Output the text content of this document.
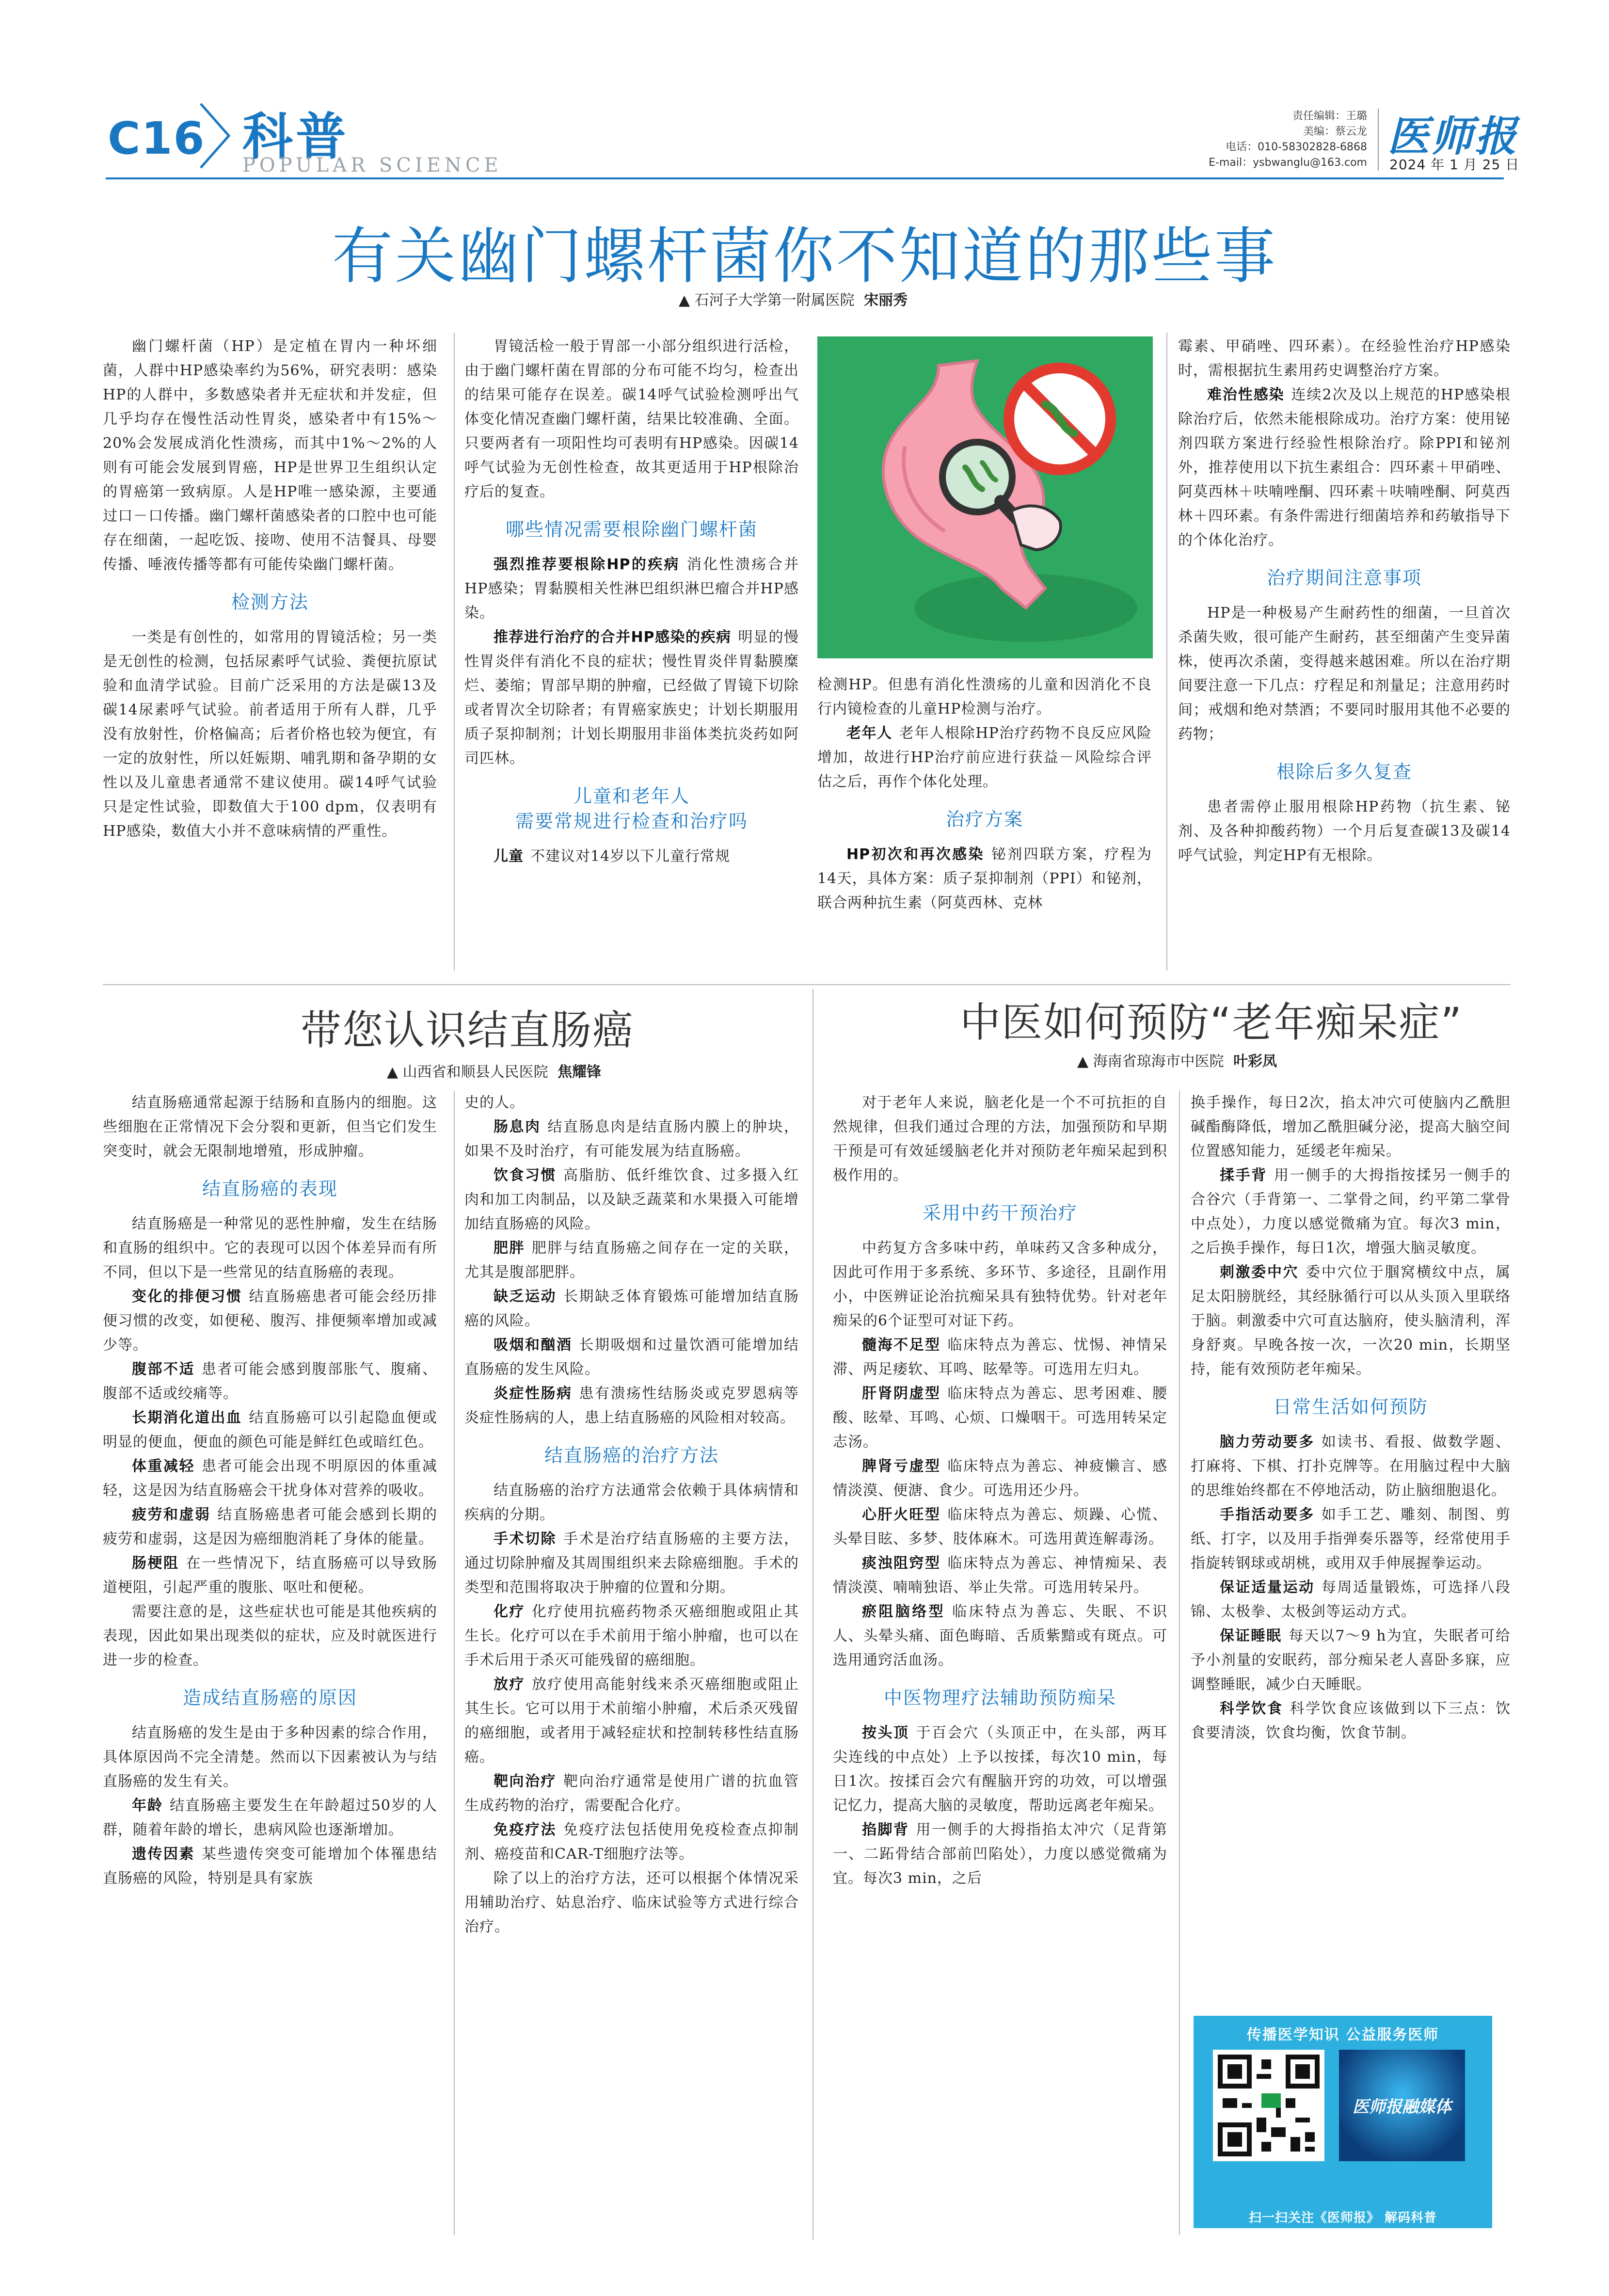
C16 科普
POPULAR SCIENCE
责任编辑：王璐
美编：蔡云龙
电话：010-58302828-6868
E-mail：ysbwanglu@163.com
医师报
2024 年 1 月 25 日
有关幽门螺杆菌你不知道的那些事
▲ 石河子大学第一附属医院 宋丽秀

幽门螺杆菌（HP）是定植在胃内一种坏细菌，人群中HP感染率约为56%，研究表明：感染HP的人群中，多数感染者并无症状和并发症，但几乎均存在慢性活动性胃炎，感染者中有15%～20%会发展成消化性溃疡，而其中1%～2%的人则有可能会发展到胃癌，HP是世界卫生组织认定的胃癌第一致病原。人是HP唯一感染源，主要通过口－口传播。幽门螺杆菌感染者的口腔中也可能存在细菌，一起吃饭、接吻、使用不洁餐具、母婴传播、唾液传播等都有可能传染幽门螺杆菌。

检测方法

一类是有创性的，如常用的胃镜活检；另一类是无创性的检测，包括尿素呼气试验、粪便抗原试验和血清学试验。目前广泛采用的方法是碳13及碳14尿素呼气试验。前者适用于所有人群，几乎没有放射性，价格偏高；后者价格也较为便宜，有一定的放射性，所以妊娠期、哺乳期和备孕期的女性以及儿童患者通常不建议使用。碳14呼气试验只是定性试验，即数值大于100 dpm，仅表明有HP感染，数值大小并不意味病情的严重性。

胃镜活检一般于胃部一小部分组织进行活检，由于幽门螺杆菌在胃部的分布可能不均匀，检查出的结果可能存在误差。碳14呼气试验检测呼出气体变化情况查幽门螺杆菌，结果比较准确、全面。只要两者有一项阳性均可表明有HP感染。因碳14呼气试验为无创性检查，故其更适用于HP根除治疗后的复查。

哪些情况需要根除幽门螺杆菌

强烈推荐要根除HP的疾病 消化性溃疡合并HP感染；胃黏膜相关性淋巴组织淋巴瘤合并HP感染。

推荐进行治疗的合并HP感染的疾病 明显的慢性胃炎伴有消化不良的症状；慢性胃炎伴胃黏膜糜烂、萎缩；胃部早期的肿瘤，已经做了胃镜下切除或者胃次全切除者；有胃癌家族史；计划长期服用质子泵抑制剂；计划长期服用非甾体类抗炎药如阿司匹林。

儿童和老年人
需要常规进行检查和治疗吗

儿童 不建议对14岁以下儿童行常规

检测HP。但患有消化性溃疡的儿童和因消化不良行内镜检查的儿童HP检测与治疗。

老年人 老年人根除HP治疗药物不良反应风险增加，故进行HP治疗前应进行获益－风险综合评估之后，再作个体化处理。

治疗方案

HP初次和再次感染 铋剂四联方案，疗程为14天，具体方案：质子泵抑制剂（PPI）和铋剂，联合两种抗生素（阿莫西林、克林

霉素、甲硝唑、四环素）。在经验性治疗HP感染时，需根据抗生素用药史调整治疗方案。

难治性感染 连续2次及以上规范的HP感染根除治疗后，依然未能根除成功。治疗方案：使用铋剂四联方案进行经验性根除治疗。除PPI和铋剂外，推荐使用以下抗生素组合：四环素＋甲硝唑、阿莫西林＋呋喃唑酮、四环素＋呋喃唑酮、阿莫西林＋四环素。有条件需进行细菌培养和药敏指导下的个体化治疗。

治疗期间注意事项

HP是一种极易产生耐药性的细菌，一旦首次杀菌失败，很可能产生耐药，甚至细菌产生变异菌株，使再次杀菌，变得越来越困难。所以在治疗期间要注意一下几点：疗程足和剂量足；注意用药时间；戒烟和绝对禁酒；不要同时服用其他不必要的药物；

根除后多久复查

患者需停止服用根除HP药物（抗生素、铋剂、及各种抑酸药物）一个月后复查碳13及碳14呼气试验，判定HP有无根除。

带您认识结直肠癌
▲ 山西省和顺县人民医院 焦耀锋

结直肠癌通常起源于结肠和直肠内的细胞。这些细胞在正常情况下会分裂和更新，但当它们发生突变时，就会无限制地增殖，形成肿瘤。

结直肠癌的表现

结直肠癌是一种常见的恶性肿瘤，发生在结肠和直肠的组织中。它的表现可以因个体差异而有所不同，但以下是一些常见的结直肠癌的表现。

变化的排便习惯 结直肠癌患者可能会经历排便习惯的改变，如便秘、腹泻、排便频率增加或减少等。

腹部不适 患者可能会感到腹部胀气、腹痛、腹部不适或绞痛等。

长期消化道出血 结直肠癌可以引起隐血便或明显的便血，便血的颜色可能是鲜红色或暗红色。

体重减轻 患者可能会出现不明原因的体重减轻，这是因为结直肠癌会干扰身体对营养的吸收。

疲劳和虚弱 结直肠癌患者可能会感到长期的疲劳和虚弱，这是因为癌细胞消耗了身体的能量。

肠梗阻 在一些情况下，结直肠癌可以导致肠道梗阻，引起严重的腹胀、呕吐和便秘。

需要注意的是，这些症状也可能是其他疾病的表现，因此如果出现类似的症状，应及时就医进行进一步的检查。

造成结直肠癌的原因

结直肠癌的发生是由于多种因素的综合作用，具体原因尚不完全清楚。然而以下因素被认为与结直肠癌的发生有关。

年龄 结直肠癌主要发生在年龄超过50岁的人群，随着年龄的增长，患病风险也逐渐增加。

遗传因素 某些遗传突变可能增加个体罹患结直肠癌的风险，特别是具有家族

史的人。

肠息肉 结直肠息肉是结直肠内膜上的肿块，如果不及时治疗，有可能发展为结直肠癌。

饮食习惯 高脂肪、低纤维饮食、过多摄入红肉和加工肉制品，以及缺乏蔬菜和水果摄入可能增加结直肠癌的风险。

肥胖 肥胖与结直肠癌之间存在一定的关联，尤其是腹部肥胖。

缺乏运动 长期缺乏体育锻炼可能增加结直肠癌的风险。

吸烟和酗酒 长期吸烟和过量饮酒可能增加结直肠癌的发生风险。

炎症性肠病 患有溃疡性结肠炎或克罗恩病等炎症性肠病的人，患上结直肠癌的风险相对较高。

结直肠癌的治疗方法

结直肠癌的治疗方法通常会依赖于具体病情和疾病的分期。

手术切除 手术是治疗结直肠癌的主要方法，通过切除肿瘤及其周围组织来去除癌细胞。手术的类型和范围将取决于肿瘤的位置和分期。

化疗 化疗使用抗癌药物杀灭癌细胞或阻止其生长。化疗可以在手术前用于缩小肿瘤，也可以在手术后用于杀灭可能残留的癌细胞。

放疗 放疗使用高能射线来杀灭癌细胞或阻止其生长。它可以用于术前缩小肿瘤，术后杀灭残留的癌细胞，或者用于减轻症状和控制转移性结直肠癌。

靶向治疗 靶向治疗通常是使用广谱的抗血管生成药物的治疗，需要配合化疗。

免疫疗法 免疫疗法包括使用免疫检查点抑制剂、癌疫苗和CAR-T细胞疗法等。

除了以上的治疗方法，还可以根据个体情况采用辅助治疗、姑息治疗、临床试验等方式进行综合治疗。

中医如何预防“老年痴呆症”
▲ 海南省琼海市中医院 叶彩凤

对于老年人来说，脑老化是一个不可抗拒的自然规律，但我们通过合理的方法，加强预防和早期干预是可有效延缓脑老化并对预防老年痴呆起到积极作用的。

采用中药干预治疗

中药复方含多味中药，单味药又含多种成分，因此可作用于多系统、多环节、多途径，且副作用小，中医辨证论治抗痴呆具有独特优势。针对老年痴呆的6个证型可对证下药。

髓海不足型 临床特点为善忘、忧惕、神情呆滞、两足痿软、耳鸣、眩晕等。可选用左归丸。

肝肾阴虚型 临床特点为善忘、思考困难、腰酸、眩晕、耳鸣、心烦、口燥咽干。可选用转呆定志汤。

脾肾亏虚型 临床特点为善忘、神疲懒言、感情淡漠、便溏、食少。可选用还少丹。

心肝火旺型 临床特点为善忘、烦躁、心慌、头晕目眩、多梦、肢体麻木。可选用黄连解毒汤。

痰浊阻窍型 临床特点为善忘、神情痴呆、表情淡漠、喃喃独语、举止失常。可选用转呆丹。

瘀阻脑络型 临床特点为善忘、失眠、不识人、头晕头痛、面色晦暗、舌质紫黯或有斑点。可选用通窍活血汤。

中医物理疗法辅助预防痴呆

按头顶 于百会穴（头顶正中，在头部，两耳尖连线的中点处）上予以按揉，每次10 min，每日1次。按揉百会穴有醒脑开窍的功效，可以增强记忆力，提高大脑的灵敏度，帮助远离老年痴呆。

掐脚背 用一侧手的大拇指掐太冲穴（足背第一、二跖骨结合部前凹陷处），力度以感觉微痛为宜。每次3 min，之后

换手操作，每日2次，掐太冲穴可使脑内乙酰胆碱酯酶降低，增加乙酰胆碱分泌，提高大脑空间位置感知能力，延缓老年痴呆。

揉手背 用一侧手的大拇指按揉另一侧手的合谷穴（手背第一、二掌骨之间，约平第二掌骨中点处），力度以感觉微痛为宜。每次3 min，之后换手操作，每日1次，增强大脑灵敏度。

刺激委中穴 委中穴位于腘窝横纹中点，属足太阳膀胱经，其经脉循行可以从头顶入里联络于脑。刺激委中穴可直达脑府，使头脑清利，浑身舒爽。早晚各按一次，一次20 min，长期坚持，能有效预防老年痴呆。

日常生活如何预防

脑力劳动要多 如读书、看报、做数学题、打麻将、下棋、打扑克牌等。在用脑过程中大脑的思维始终都在不停地活动，防止脑细胞退化。

手指活动要多 如手工艺、雕刻、制图、剪纸、打字，以及用手指弹奏乐器等，经常使用手指旋转钢球或胡桃，或用双手伸展握拳运动。

保证适量运动 每周适量锻炼，可选择八段锦、太极拳、太极剑等运动方式。

保证睡眠 每天以7～9 h为宜，失眠者可给予小剂量的安眠药，部分痴呆老人喜卧多寐，应调整睡眠，减少白天睡眠。

科学饮食 科学饮食应该做到以下三点：饮食要清淡，饮食均衡，饮食节制。

传播医学知识 公益服务医师
医师报融媒体
扫一扫关注《医师报》 解码科普
